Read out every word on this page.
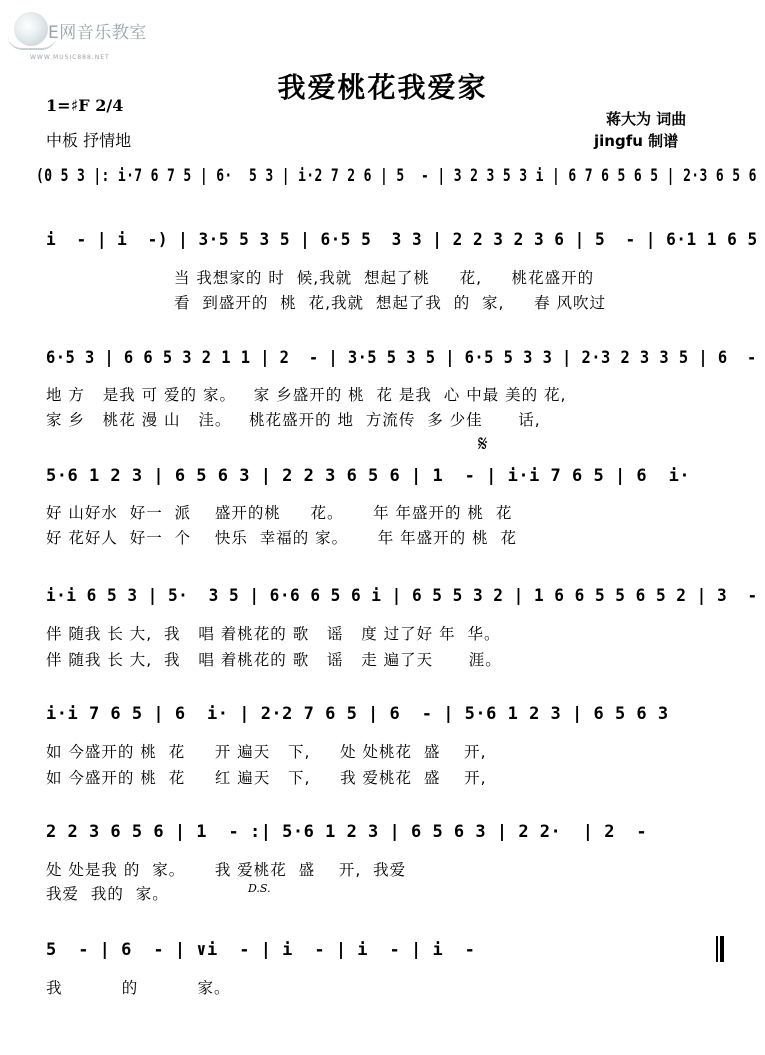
E网音乐教室
WWW.MUSIC888.NET
我爱桃花我爱家
1=♯F 2/4
中板 抒情地
蒋大为 词曲
jingfu 制谱
(0 5 3 |: i·7 6 7 5 | 6·  5 3 | i·2 7 2 6 | 5  - | 3 2 3 5 3 i | 6 7 6 5 6 5 | 2·3 6 5 6
i  - | i  -) | 3·5 5 3 5 | 6·5 5  3 3 | 2 2 3 2 3 6 | 5  - | 6·1 1 6 5
当 我想家的 时  候,我就  想起了桃     花,     桃花盛开的
看  到盛开的  桃  花,我就  想起了我  的  家,     春 风吹过
6·5 3 | 6 6 5 3 2 1 1 | 2  - | 3·5 5 3 5 | 6·5 5 3 3 | 2·3 2 3 3 5 | 6  -
地 方   是我 可 爱的 家。   家 乡盛开的 桃  花 是我  心 中最 美的 花,
家 乡   桃花 漫 山   洼。   桃花盛开的 地  方流传  多 少佳      话,
𝄋
5·6 1 2 3 | 6 5 6 3 | 2 2 3 6 5 6 | 1  - | i·i 7 6 5 | 6  i·
好 山好水  好一  派    盛开的桃     花。     年 年盛开的 桃  花
好 花好人  好一  个    快乐  幸福的 家。     年 年盛开的 桃  花
i·i 6 5 3 | 5·  3 5 | 6·6 6 5 6 i | 6 5 5 3 2 | 1 6 6 5 5 6 5 2 | 3  -
伴 随我 长 大,  我   唱 着桃花的 歌   谣   度 过了好 年  华。
伴 随我 长 大,  我   唱 着桃花的 歌   谣   走 遍了天      涯。
i·i 7 6 5 | 6  i· | 2·2 7 6 5 | 6  - | 5·6 1 2 3 | 6 5 6 3
如 今盛开的 桃  花     开 遍天   下,     处 处桃花  盛    开,
如 今盛开的 桃  花     红 遍天   下,     我 爱桃花  盛    开,
2 2 3 6 5 6 | 1  - :| 5·6 1 2 3 | 6 5 6 3 | 2 2·  | 2  -
处 处是我 的  家。     我 爱桃花  盛    开,  我爱
我爱  我的  家。	D.S.
5  - | 6  - | ∨i  - | i  - | i  - | i  -
我          的          家。
